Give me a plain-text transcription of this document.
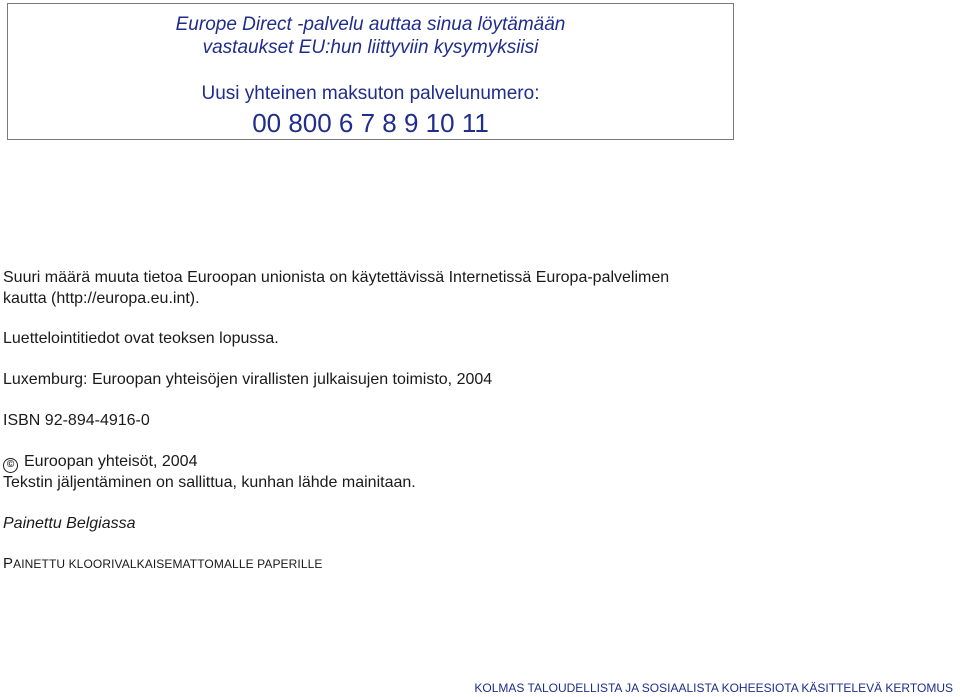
Europe Direct -palvelu auttaa sinua löytämään
vastaukset EU:hun liittyviin kysymyksiisi
Uusi yhteinen maksuton palvelunumero:
00 800 6 7 8 9 10 11
Suuri määrä muuta tietoa Euroopan unionista on käytettävissä Internetissä Europa-palvelimen
kautta (http://europa.eu.int).
Luettelointitiedot ovat teoksen lopussa.
Luxemburg: Euroopan yhteisöjen virallisten julkaisujen toimisto, 2004
ISBN 92-894-4916-0
© Euroopan yhteisöt, 2004
Tekstin jäljentäminen on sallittua, kunhan lähde mainitaan.
Painettu Belgiassa
PAINETTU KLOORIVALKAISEMATTOMALLE PAPERILLE
KOLMAS TALOUDELLISTA JA SOSIAALISTA KOHEESIOTA KÄSITTELEVÄ KERTOMUS
